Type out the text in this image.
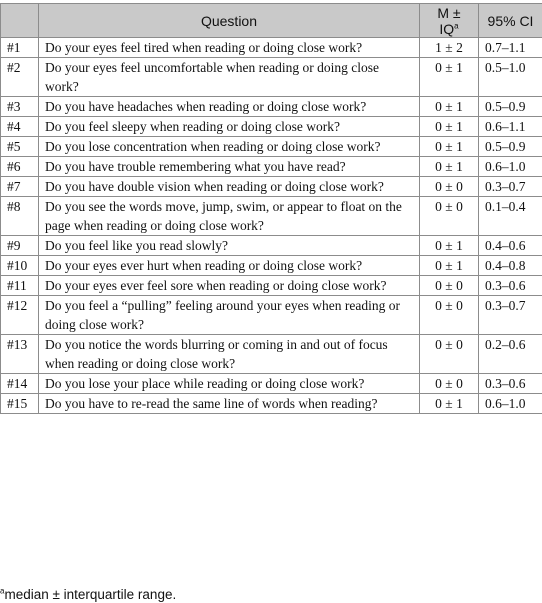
	Question	$M \pm IQ^a$	95% CI
#1	Do your eyes feel tired when reading or doing close work?	1 ± 2	0.7–1.1
#2	Do your eyes feel uncomfortable when reading or doing close work?	0 ± 1	0.5–1.0
#3	Do you have headaches when reading or doing close work?	0 ± 1	0.5–0.9
#4	Do you feel sleepy when reading or doing close work?	0 ± 1	0.6–1.1
#5	Do you lose concentration when reading or doing close work?	0 ± 1	0.5–0.9
#6	Do you have trouble remembering what you have read?	0 ± 1	0.6–1.0
#7	Do you have double vision when reading or doing close work?	0 ± 0	0.3–0.7
#8	Do you see the words move, jump, swim, or appear to float on the page when reading or doing close work?	0 ± 0	0.1–0.4
#9	Do you feel like you read slowly?	0 ± 1	0.4–0.6
#10	Do your eyes ever hurt when reading or doing close work?	0 ± 1	0.4–0.8
#11	Do your eyes ever feel sore when reading or doing close work?	0 ± 0	0.3–0.6
#12	Do you feel a “pulling” feeling around your eyes when reading or doing close work?	0 ± 0	0.3–0.7
#13	Do you notice the words blurring or coming in and out of focus when reading or doing close work?	0 ± 0	0.2–0.6
#14	Do you lose your place while reading or doing close work?	0 ± 0	0.3–0.6
#15	Do you have to re-read the same line of words when reading?	0 ± 1	0.6–1.0
$^a$median ± interquartile range.
